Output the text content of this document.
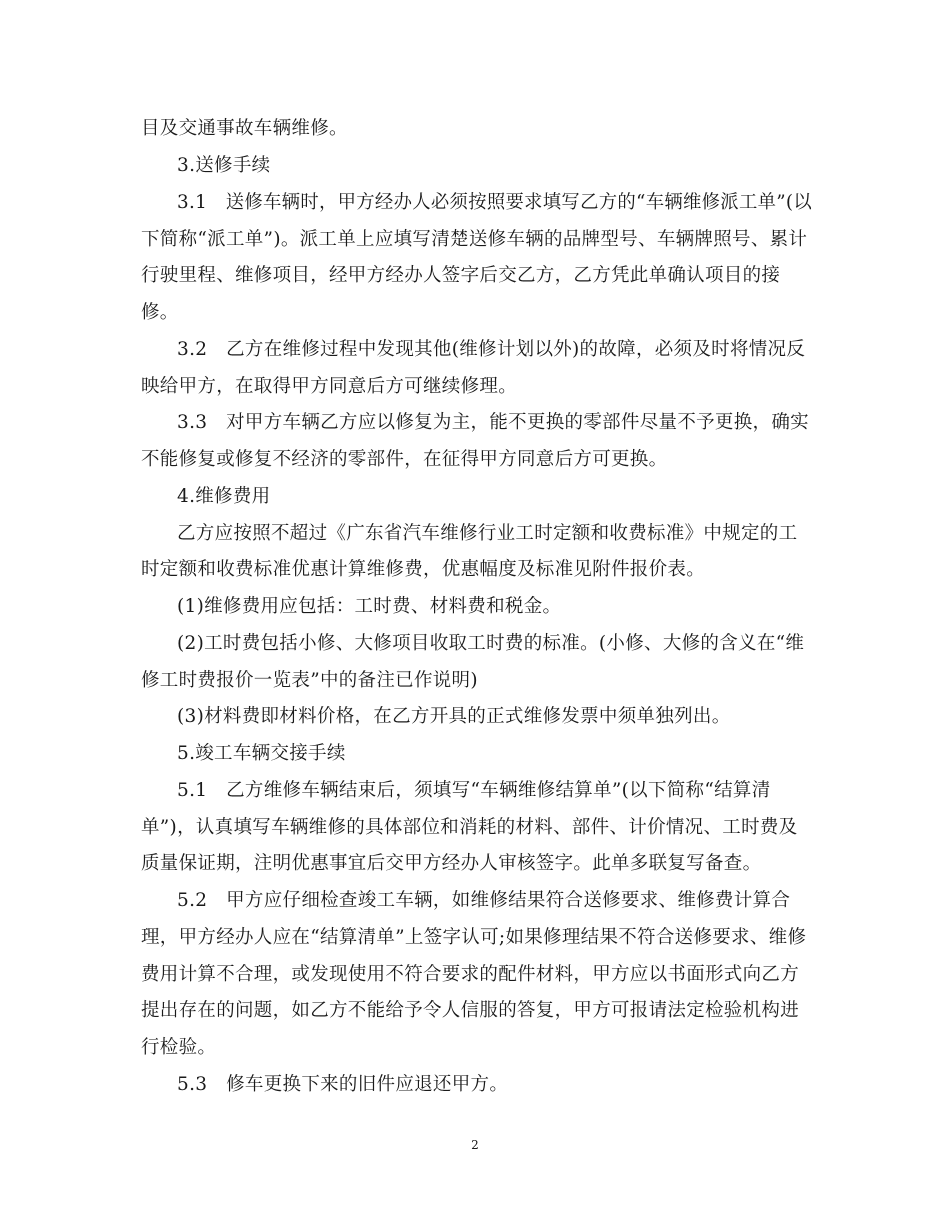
目及交通事故车辆维修。
3.送修手续
3.1　送修车辆时，甲方经办人必须按照要求填写乙方的“车辆维修派工单”(以
下简称“派工单”)。派工单上应填写清楚送修车辆的品牌型号、车辆牌照号、累计
行驶里程、维修项目，经甲方经办人签字后交乙方，乙方凭此单确认项目的接
修。
3.2　乙方在维修过程中发现其他(维修计划以外)的故障，必须及时将情况反
映给甲方，在取得甲方同意后方可继续修理。
3.3　对甲方车辆乙方应以修复为主，能不更换的零部件尽量不予更换，确实
不能修复或修复不经济的零部件，在征得甲方同意后方可更换。
4.维修费用
乙方应按照不超过《广东省汽车维修行业工时定额和收费标准》中规定的工
时定额和收费标准优惠计算维修费，优惠幅度及标准见附件报价表。
(1)维修费用应包括：工时费、材料费和税金。
(2)工时费包括小修、大修项目收取工时费的标准。(小修、大修的含义在“维
修工时费报价一览表”中的备注已作说明)
(3)材料费即材料价格，在乙方开具的正式维修发票中须单独列出。
5.竣工车辆交接手续
5.1　乙方维修车辆结束后，须填写“车辆维修结算单”(以下简称“结算清
单”)，认真填写车辆维修的具体部位和消耗的材料、部件、计价情况、工时费及
质量保证期，注明优惠事宜后交甲方经办人审核签字。此单多联复写备查。
5.2　甲方应仔细检查竣工车辆，如维修结果符合送修要求、维修费计算合
理，甲方经办人应在“结算清单”上签字认可;如果修理结果不符合送修要求、维修
费用计算不合理，或发现使用不符合要求的配件材料，甲方应以书面形式向乙方
提出存在的问题，如乙方不能给予令人信服的答复，甲方可报请法定检验机构进
行检验。
5.3　修车更换下来的旧件应退还甲方。
2
